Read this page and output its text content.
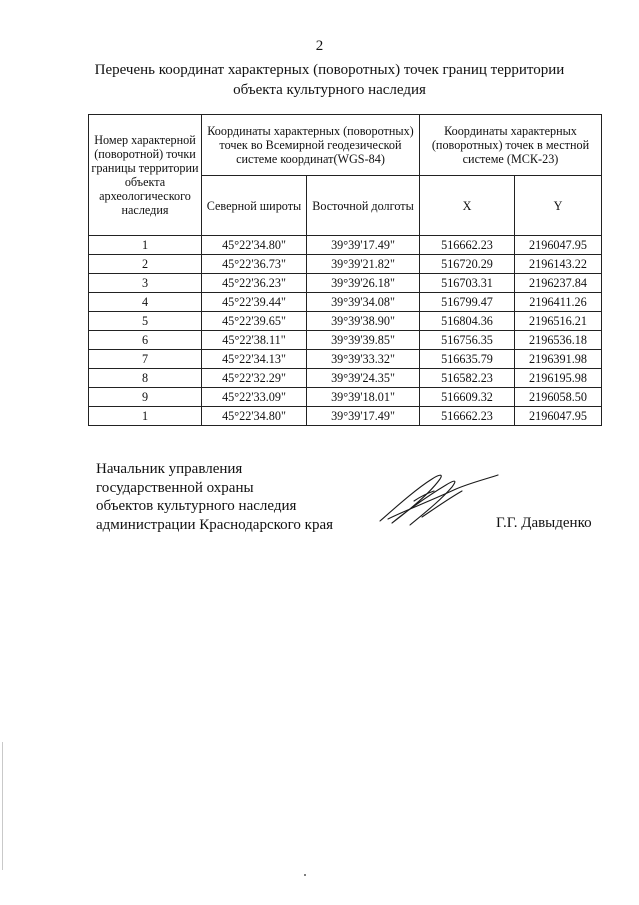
2
Перечень координат характерных (поворотных) точек границ территории
объекта культурного наследия
Номер характерной (поворотной) точки границы территории объекта археологического наследия	Координаты характерных (поворотных) точек во Всемирной геодезической системе координат(WGS-84)		Координаты характерных (поворотных) точек в местной системе (МСК-23)	
	Северной широты	Восточной долготы	X	Y
1	45°22'34.80"	39°39'17.49"	516662.23	2196047.95
2	45°22'36.73"	39°39'21.82"	516720.29	2196143.22
3	45°22'36.23"	39°39'26.18"	516703.31	2196237.84
4	45°22'39.44"	39°39'34.08"	516799.47	2196411.26
5	45°22'39.65"	39°39'38.90"	516804.36	2196516.21
6	45°22'38.11"	39°39'39.85"	516756.35	2196536.18
7	45°22'34.13"	39°39'33.32"	516635.79	2196391.98
8	45°22'32.29"	39°39'24.35"	516582.23	2196195.98
9	45°22'33.09"	39°39'18.01"	516609.32	2196058.50
1	45°22'34.80"	39°39'17.49"	516662.23	2196047.95
Начальник управления
государственной охраны
объектов культурного наследия
администрации Краснодарского края	Г.Г. Давыденко
